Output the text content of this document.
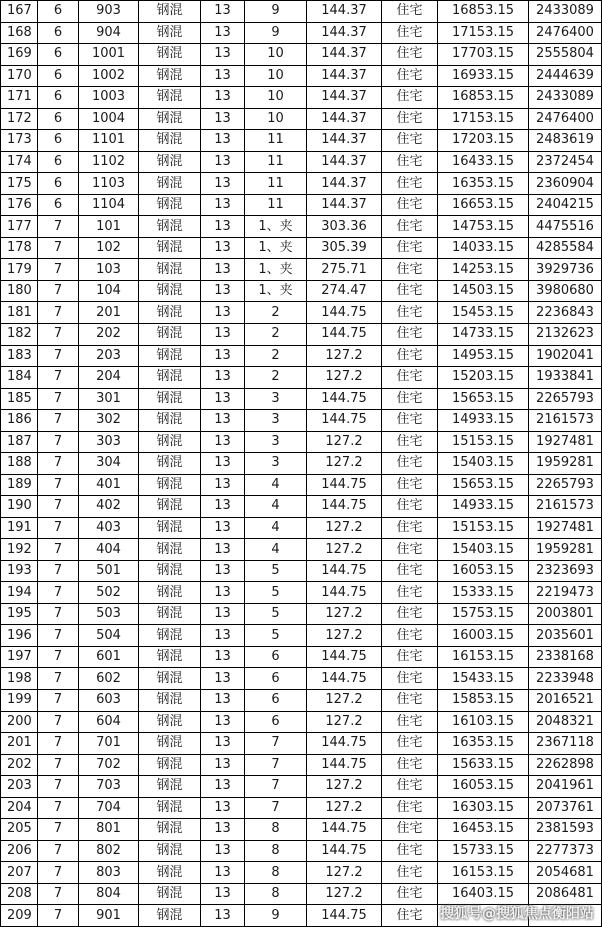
167	6	903	钢混	13	9	144.37	住宅	16853.15	2433089
168	6	904	钢混	13	9	144.37	住宅	17153.15	2476400
169	6	1001	钢混	13	10	144.37	住宅	17703.15	2555804
170	6	1002	钢混	13	10	144.37	住宅	16933.15	2444639
171	6	1003	钢混	13	10	144.37	住宅	16853.15	2433089
172	6	1004	钢混	13	10	144.37	住宅	17153.15	2476400
173	6	1101	钢混	13	11	144.37	住宅	17203.15	2483619
174	6	1102	钢混	13	11	144.37	住宅	16433.15	2372454
175	6	1103	钢混	13	11	144.37	住宅	16353.15	2360904
176	6	1104	钢混	13	11	144.37	住宅	16653.15	2404215
177	7	101	钢混	13	1、夹	303.36	住宅	14753.15	4475516
178	7	102	钢混	13	1、夹	305.39	住宅	14033.15	4285584
179	7	103	钢混	13	1、夹	275.71	住宅	14253.15	3929736
180	7	104	钢混	13	1、夹	274.47	住宅	14503.15	3980680
181	7	201	钢混	13	2	144.75	住宅	15453.15	2236843
182	7	202	钢混	13	2	144.75	住宅	14733.15	2132623
183	7	203	钢混	13	2	127.2	住宅	14953.15	1902041
184	7	204	钢混	13	2	127.2	住宅	15203.15	1933841
185	7	301	钢混	13	3	144.75	住宅	15653.15	2265793
186	7	302	钢混	13	3	144.75	住宅	14933.15	2161573
187	7	303	钢混	13	3	127.2	住宅	15153.15	1927481
188	7	304	钢混	13	3	127.2	住宅	15403.15	1959281
189	7	401	钢混	13	4	144.75	住宅	15653.15	2265793
190	7	402	钢混	13	4	144.75	住宅	14933.15	2161573
191	7	403	钢混	13	4	127.2	住宅	15153.15	1927481
192	7	404	钢混	13	4	127.2	住宅	15403.15	1959281
193	7	501	钢混	13	5	144.75	住宅	16053.15	2323693
194	7	502	钢混	13	5	144.75	住宅	15333.15	2219473
195	7	503	钢混	13	5	127.2	住宅	15753.15	2003801
196	7	504	钢混	13	5	127.2	住宅	16003.15	2035601
197	7	601	钢混	13	6	144.75	住宅	16153.15	2338168
198	7	602	钢混	13	6	144.75	住宅	15433.15	2233948
199	7	603	钢混	13	6	127.2	住宅	15853.15	2016521
200	7	604	钢混	13	6	127.2	住宅	16103.15	2048321
201	7	701	钢混	13	7	144.75	住宅	16353.15	2367118
202	7	702	钢混	13	7	144.75	住宅	15633.15	2262898
203	7	703	钢混	13	7	127.2	住宅	16053.15	2041961
204	7	704	钢混	13	7	127.2	住宅	16303.15	2073761
205	7	801	钢混	13	8	144.75	住宅	16453.15	2381593
206	7	802	钢混	13	8	144.75	住宅	15733.15	2277373
207	7	803	钢混	13	8	127.2	住宅	16153.15	2054681
208	7	804	钢混	13	8	127.2	住宅	16403.15	2086481
209	7	901	钢混	13	9	144.75	住宅		搜狐号@搜狐焦点衡阳站
